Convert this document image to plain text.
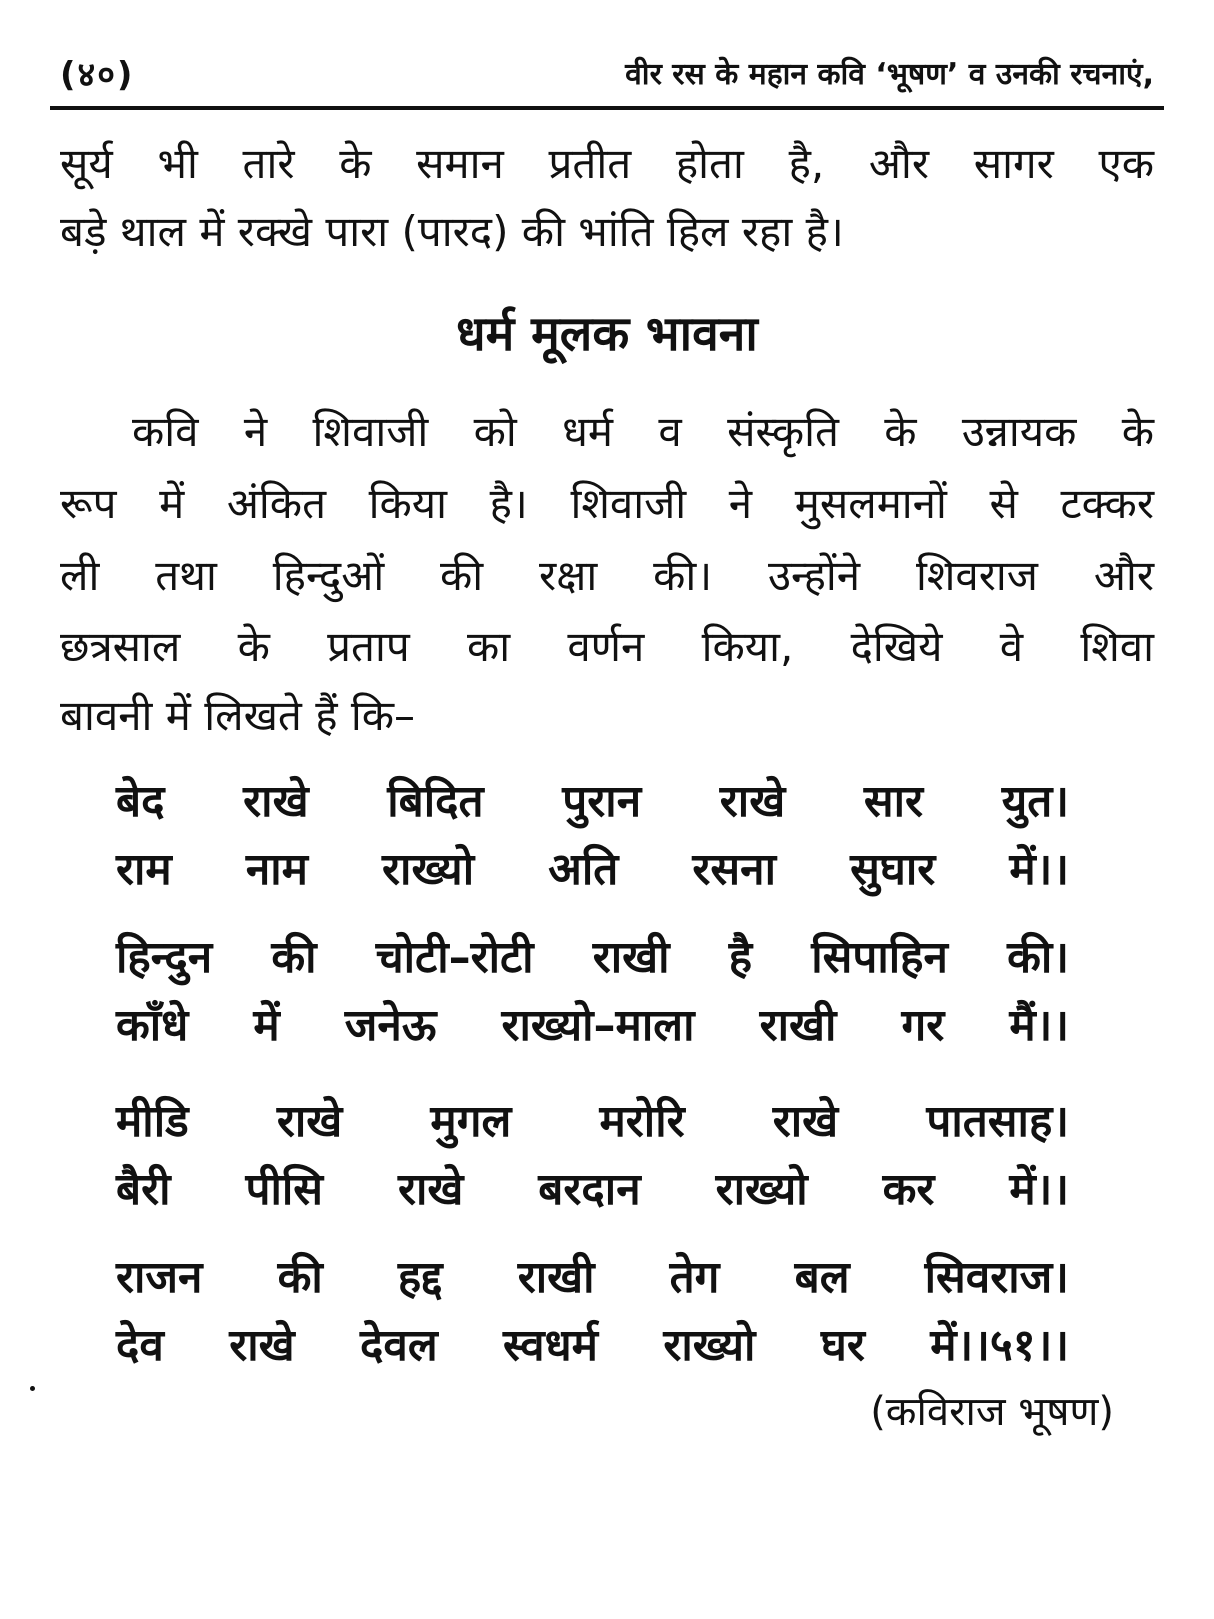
(४०)	वीर रस के महान कवि ‘भूषण’ व उनकी रचनाएं,
सूर्य भी तारे के समान प्रतीत होता है, और सागर एक
बड़े थाल में रक्खे पारा (पारद) की भांति हिल रहा है।
धर्म मूलक भावना
कवि ने शिवाजी को धर्म व संस्कृति के उन्नायक के
रूप में अंकित किया है। शिवाजी ने मुसलमानों से टक्कर
ली तथा हिन्दुओं की रक्षा की। उन्होंने शिवराज और
छत्रसाल के प्रताप का वर्णन किया, देखिये वे शिवा
बावनी में लिखते हैं कि–
बेद राखे बिदित पुरान राखे सार युत।
राम नाम राख्यो अति रसना सुघार में।।
हिन्दुन की चोटी–रोटी राखी है सिपाहिन की।
काँधे में जनेऊ राख्यो–माला राखी गर मैं।।
मीडि राखे मुगल मरोरि राखे पातसाह।
बैरी पीसि राखे बरदान राख्यो कर में।।
राजन की हद्द राखी तेग बल सिवराज।
देव राखे देवल स्वधर्म राख्यो घर में।।५१।।
(कविराज भूषण)
